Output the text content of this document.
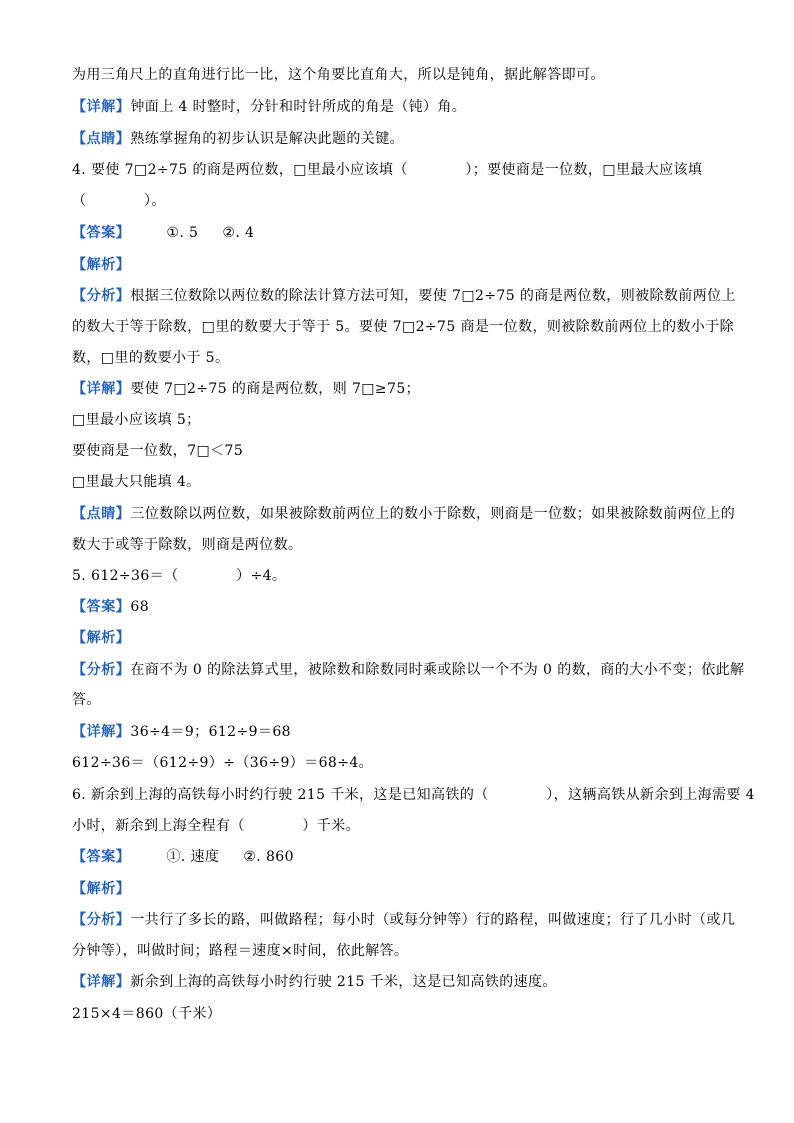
为用三角尺上的直角进行比一比，这个角要比直角大，所以是钝角，据此解答即可。
【详解】钟面上 4 时整时，分针和时针所成的角是（钝）角。
【点睛】熟练掌握角的初步认识是解决此题的关键。
4. 要使 7□2÷75 的商是两位数，□里最小应该填（　　　　）；要使商是一位数，□里最大应该填
（　　　　）。
【答案】	①. 5 ②. 4
【解析】
【分析】根据三位数除以两位数的除法计算方法可知，要使 7□2÷75 的商是两位数，则被除数前两位上
的数大于等于除数，□里的数要大于等于 5。要使 7□2÷75 商是一位数，则被除数前两位上的数小于除
数，□里的数要小于 5。
【详解】要使 7□2÷75 的商是两位数，则 7□≥75；
□里最小应该填 5；
要使商是一位数，7□＜75
□里最大只能填 4。
【点睛】三位数除以两位数，如果被除数前两位上的数小于除数，则商是一位数；如果被除数前两位上的
数大于或等于除数，则商是两位数。
5. 612÷36＝（　　　　）÷4。
【答案】68
【解析】
【分析】在商不为 0 的除法算式里，被除数和除数同时乘或除以一个不为 0 的数，商的大小不变；依此解
答。
【详解】36÷4＝9；612÷9＝68
612÷36＝（612÷9）÷（36÷9）＝68÷4。
6. 新余到上海的高铁每小时约行驶 215 千米，这是已知高铁的（　　　　），这辆高铁从新余到上海需要 4
小时，新余到上海全程有（　　　　）千米。
【答案】	①. 速度 ②. 860
【解析】
【分析】一共行了多长的路，叫做路程；每小时（或每分钟等）行的路程，叫做速度；行了几小时（或几
分钟等），叫做时间；路程＝速度×时间，依此解答。
【详解】新余到上海的高铁每小时约行驶 215 千米，这是已知高铁的速度。
215×4＝860（千米）
